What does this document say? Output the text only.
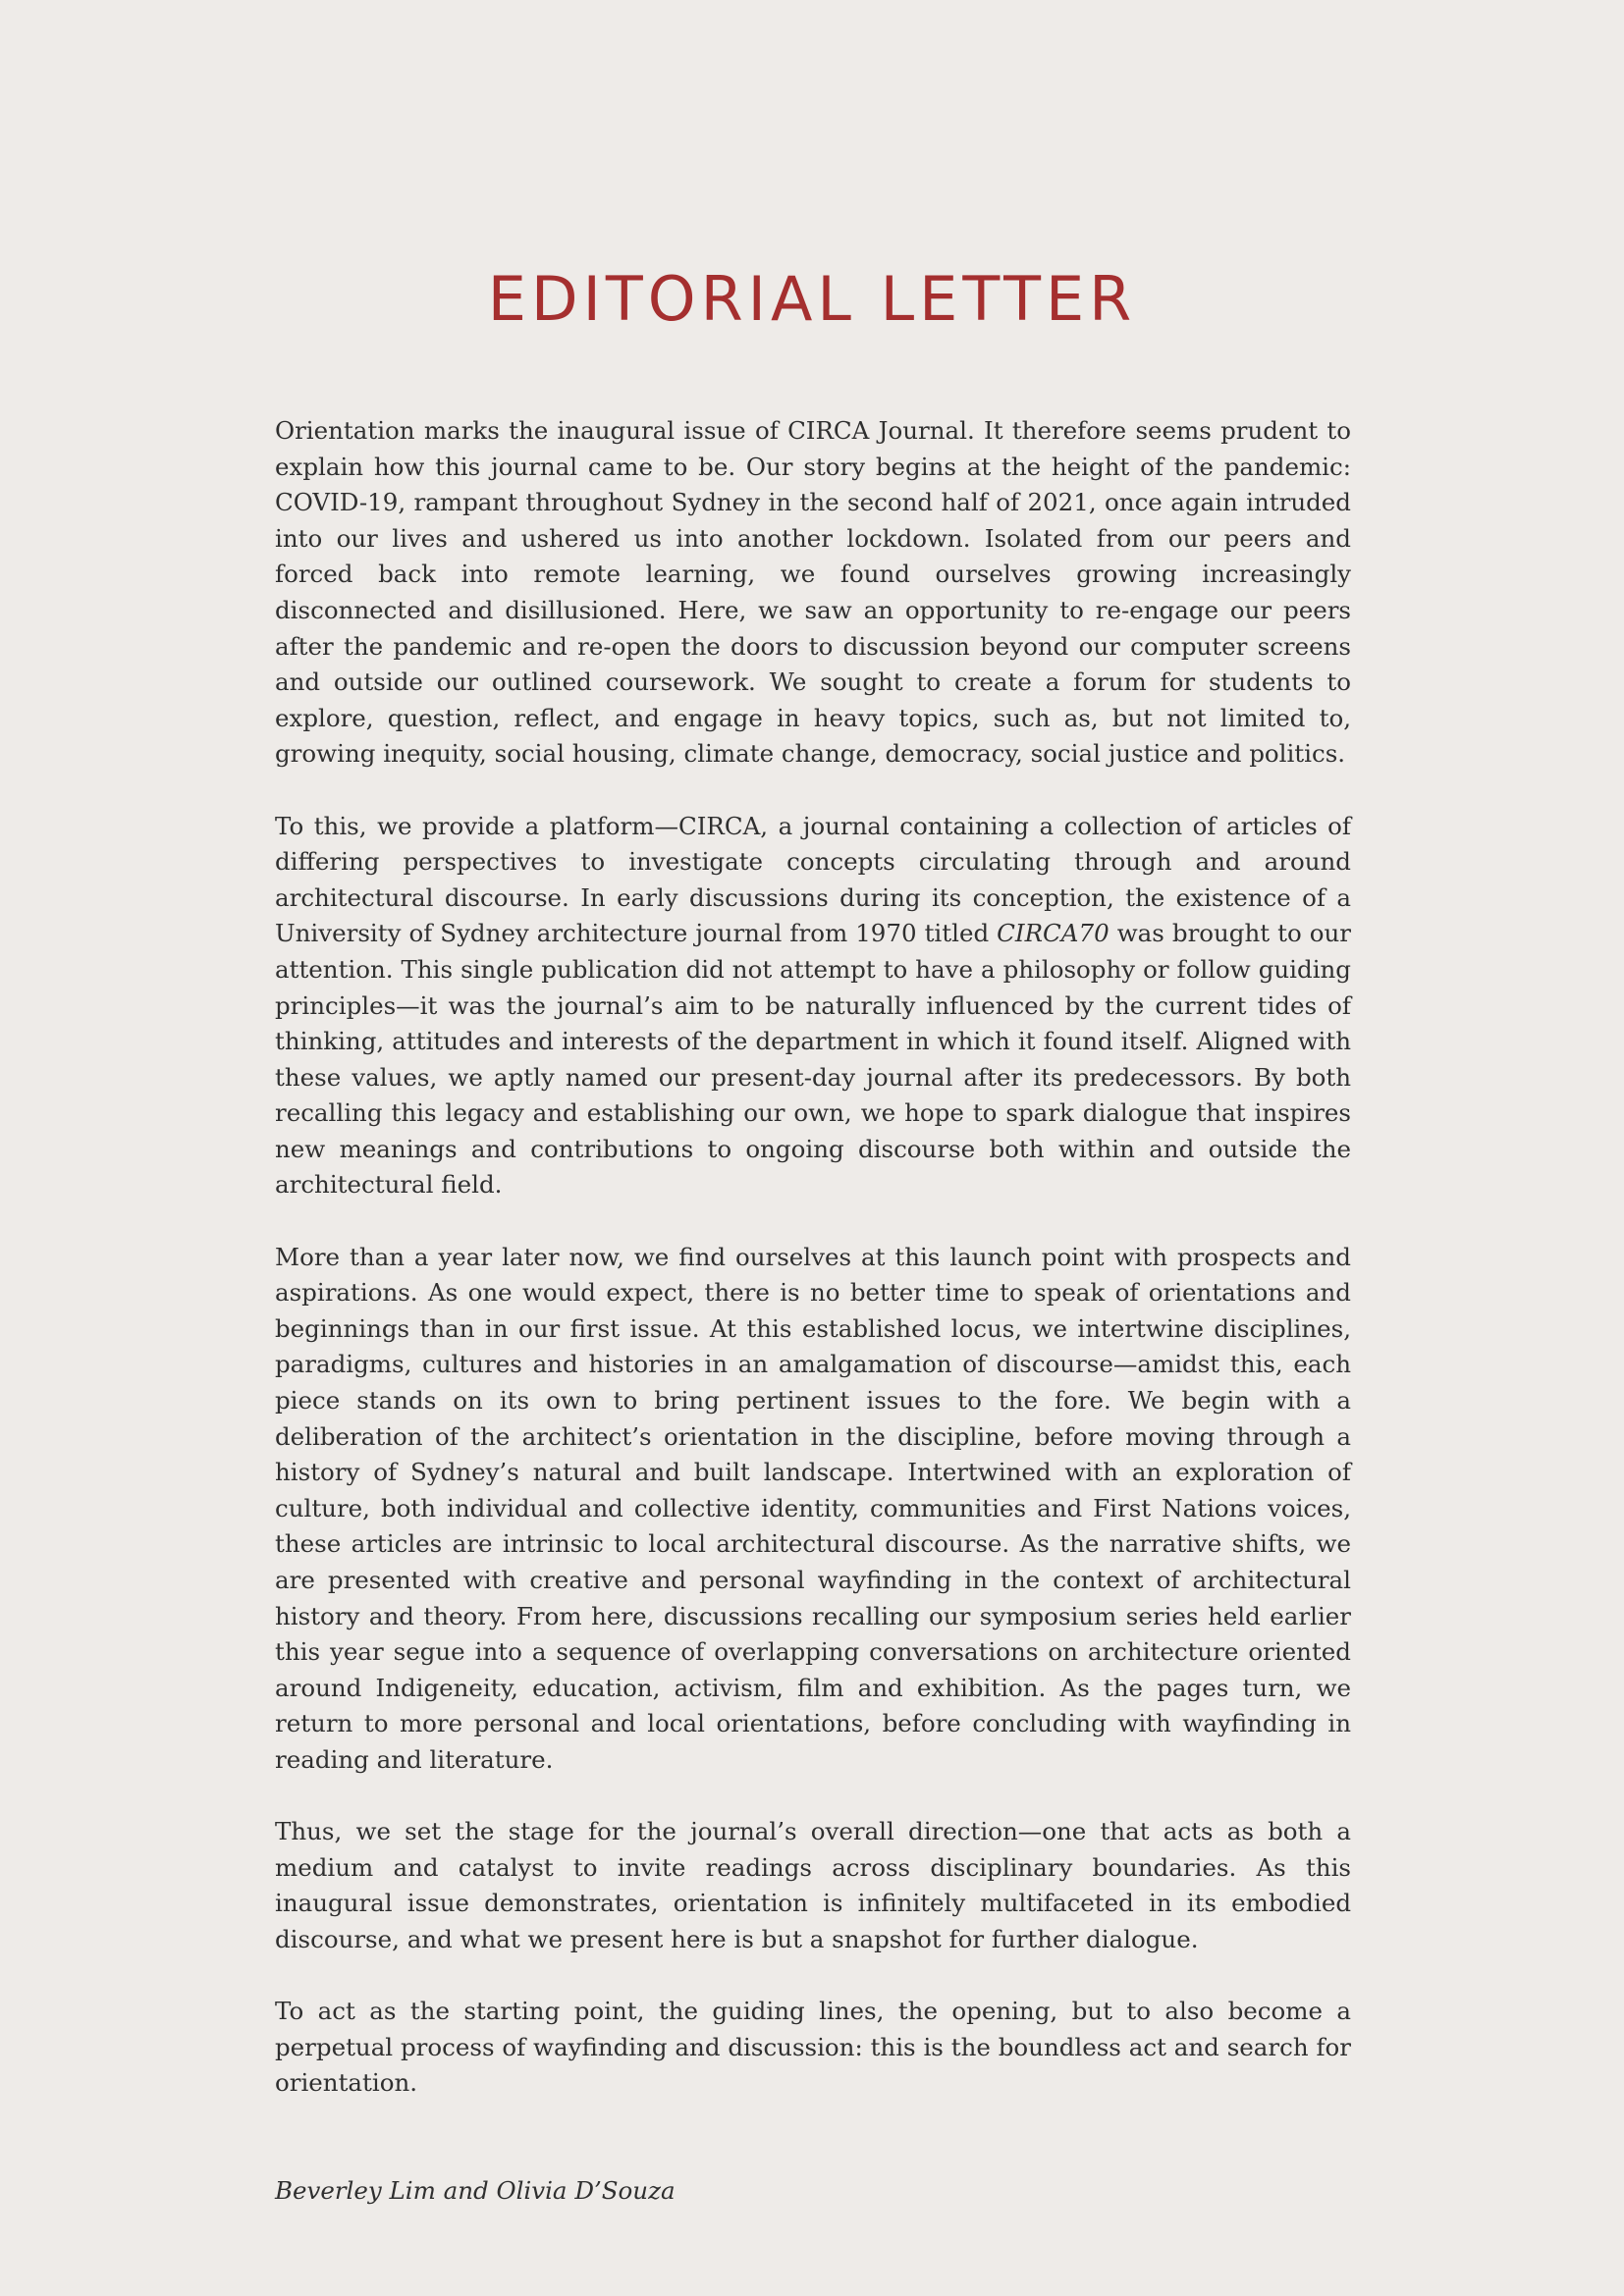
EDITORIAL LETTER

Orientation marks the inaugural issue of CIRCA Journal. It therefore seems prudent to explain how this journal came to be. Our story begins at the height of the pandemic: COVID-19, rampant throughout Sydney in the second half of 2021, once again intruded into our lives and ushered us into another lockdown. Isolated from our peers and forced back into remote learning, we found ourselves growing increasingly disconnected and disillusioned. Here, we saw an opportunity to re-engage our peers after the pandemic and re-open the doors to discussion beyond our computer screens and outside our outlined coursework. We sought to create a forum for students to explore, question, reflect, and engage in heavy topics, such as, but not limited to, growing inequity, social housing, climate change, democracy, social justice and politics.

To this, we provide a platform—CIRCA, a journal containing a collection of articles of differing perspectives to investigate concepts circulating through and around architectural discourse. In early discussions during its conception, the existence of a University of Sydney architecture journal from 1970 titled CIRCA70 was brought to our attention. This single publication did not attempt to have a philosophy or follow guiding principles—it was the journal’s aim to be naturally influenced by the current tides of thinking, attitudes and interests of the department in which it found itself. Aligned with these values, we aptly named our present-day journal after its predecessors. By both recalling this legacy and establishing our own, we hope to spark dialogue that inspires new meanings and contributions to ongoing discourse both within and outside the architectural field.

More than a year later now, we find ourselves at this launch point with prospects and aspirations. As one would expect, there is no better time to speak of orientations and beginnings than in our first issue. At this established locus, we intertwine disciplines, paradigms, cultures and histories in an amalgamation of discourse—amidst this, each piece stands on its own to bring pertinent issues to the fore. We begin with a deliberation of the architect’s orientation in the discipline, before moving through a history of Sydney’s natural and built landscape. Intertwined with an exploration of culture, both individual and collective identity, communities and First Nations voices, these articles are intrinsic to local architectural discourse. As the narrative shifts, we are presented with creative and personal wayfinding in the context of architectural history and theory. From here, discussions recalling our symposium series held earlier this year segue into a sequence of overlapping conversations on architecture oriented around Indigeneity, education, activism, film and exhibition. As the pages turn, we return to more personal and local orientations, before concluding with wayfinding in reading and literature.

Thus, we set the stage for the journal’s overall direction—one that acts as both a medium and catalyst to invite readings across disciplinary boundaries. As this inaugural issue demonstrates, orientation is infinitely multifaceted in its embodied discourse, and what we present here is but a snapshot for further dialogue.

To act as the starting point, the guiding lines, the opening, but to also become a perpetual process of wayfinding and discussion: this is the boundless act and search for orientation.

Beverley Lim and Olivia D’Souza
